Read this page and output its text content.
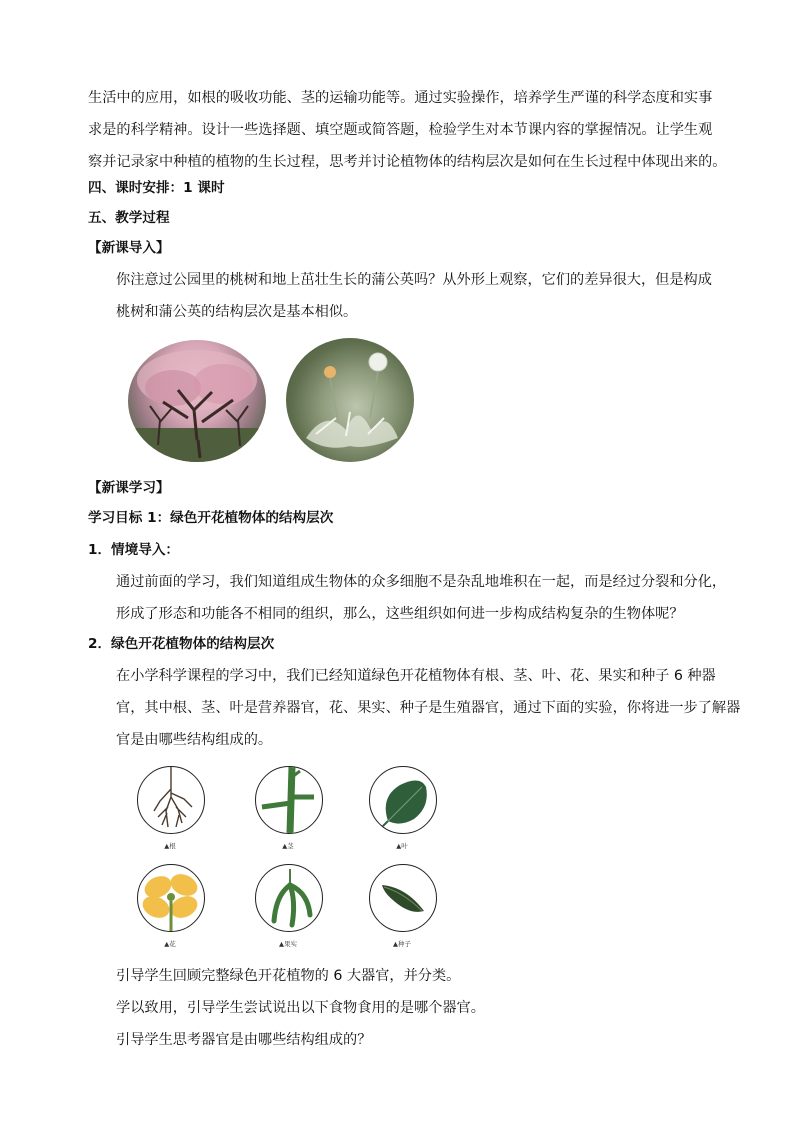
生活中的应用，如根的吸收功能、茎的运输功能等。通过实验操作，培养学生严谨的科学态度和实事
求是的科学精神。设计一些选择题、填空题或简答题，检验学生对本节课内容的掌握情况。让学生观
察并记录家中种植的植物的生长过程，思考并讨论植物体的结构层次是如何在生长过程中体现出来的。

四、课时安排：1 课时

五、教学过程

【新课导入】

你注意过公园里的桃树和地上茁壮生长的蒲公英吗？从外形上观察，它们的差异很大，但是构成
桃树和蒲公英的结构层次是基本相似。

【新课学习】

学习目标 1：绿色开花植物体的结构层次

1．情境导入：

通过前面的学习，我们知道组成生物体的众多细胞不是杂乱地堆积在一起，而是经过分裂和分化，
形成了形态和功能各不相同的组织，那么，这些组织如何进一步构成结构复杂的生物体呢？

2．绿色开花植物体的结构层次

在小学科学课程的学习中，我们已经知道绿色开花植物体有根、茎、叶、花、果实和种子 6 种器
官，其中根、茎、叶是营养器官，花、果实、种子是生殖器官，通过下面的实验，你将进一步了解器
官是由哪些结构组成的。

▲根	▲茎	▲叶
▲花	▲果实	▲种子

引导学生回顾完整绿色开花植物的 6 大器官，并分类。

学以致用，引导学生尝试说出以下食物食用的是哪个器官。

引导学生思考器官是由哪些结构组成的？
